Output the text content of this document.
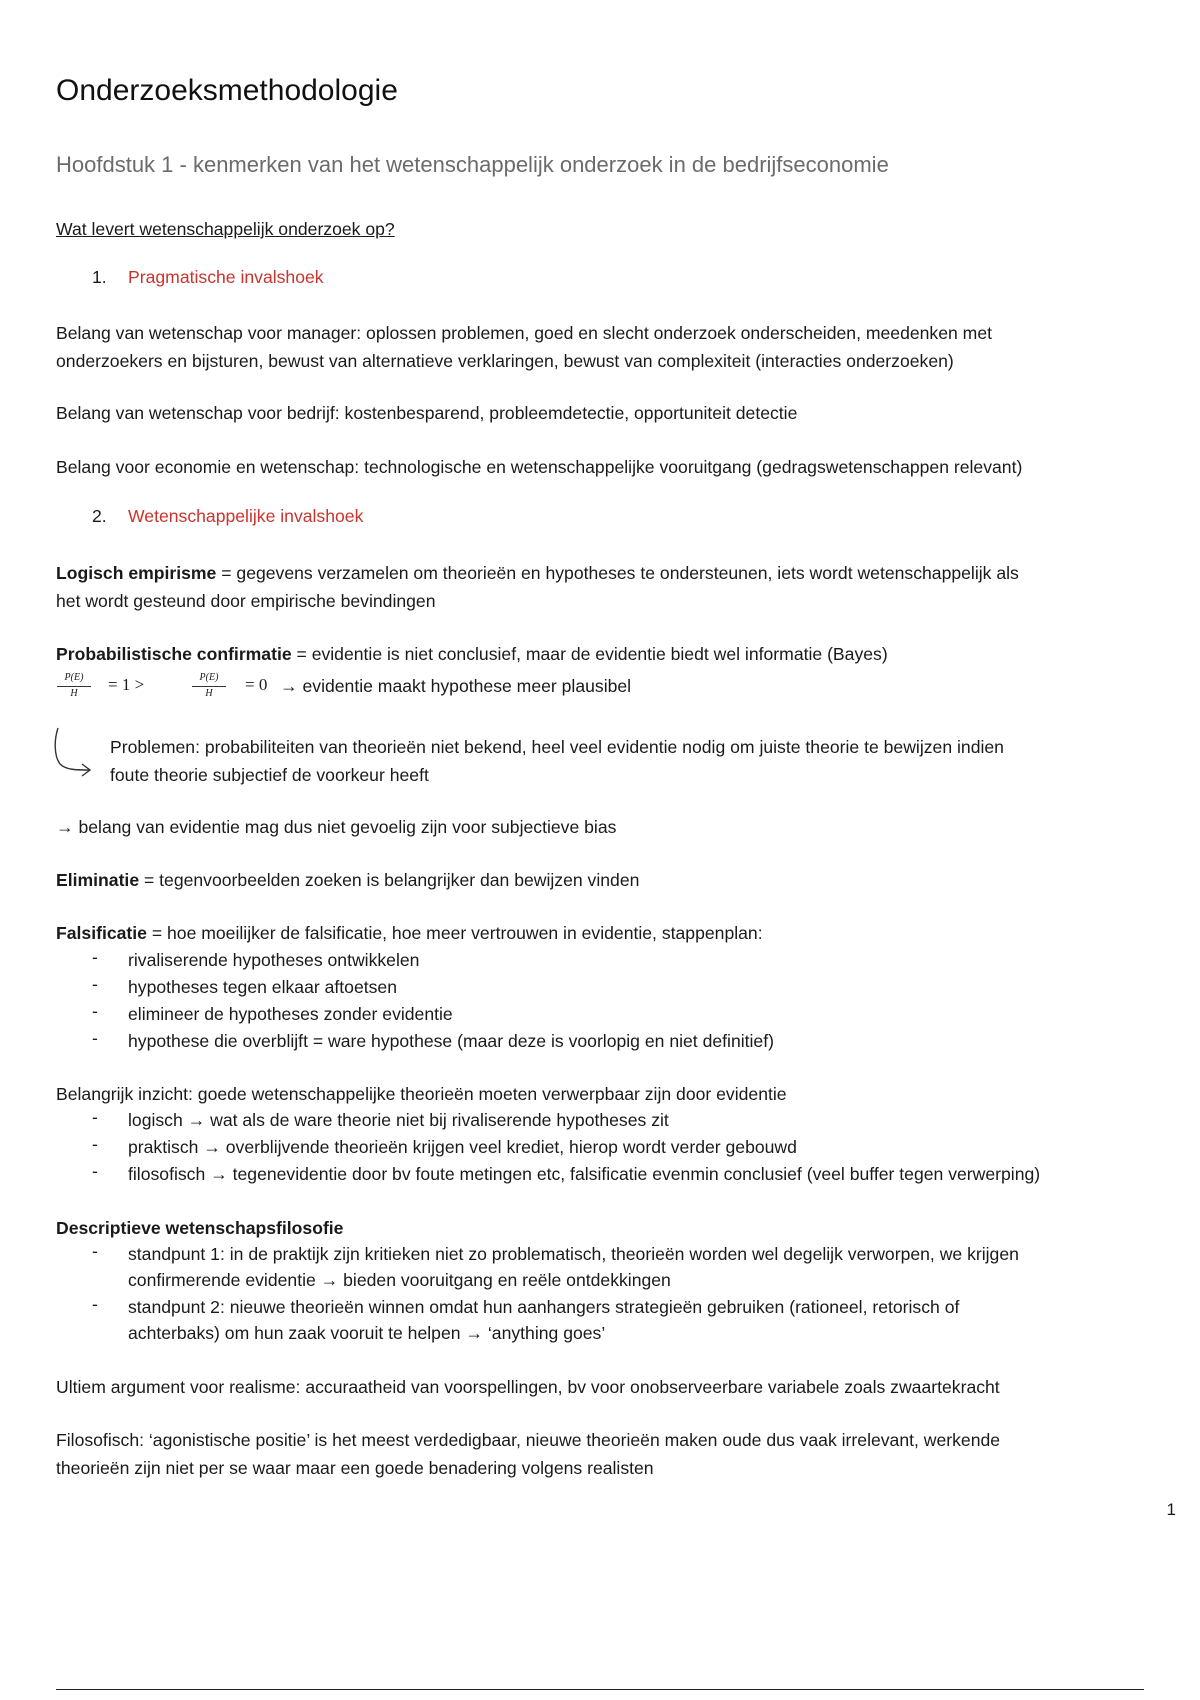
Onderzoeksmethodologie
Hoofdstuk 1 - kenmerken van het wetenschappelijk onderzoek in de bedrijfseconomie
Wat levert wetenschappelijk onderzoek op?
1. Pragmatische invalshoek
Belang van wetenschap voor manager: oplossen problemen, goed en slecht onderzoek onderscheiden, meedenken met
onderzoekers en bijsturen, bewust van alternatieve verklaringen, bewust van complexiteit (interacties onderzoeken)
Belang van wetenschap voor bedrijf: kostenbesparend, probleemdetectie, opportuniteit detectie
Belang voor economie en wetenschap: technologische en wetenschappelijke vooruitgang (gedragswetenschappen relevant)
2. Wetenschappelijke invalshoek
Logisch empirisme = gegevens verzamelen om theorieën en hypotheses te ondersteunen, iets wordt wetenschappelijk als
het wordt gesteund door empirische bevindingen
Probabilistische confirmatie = evidentie is niet conclusief, maar de evidentie biedt wel informatie (Bayes)
P(E)
H	= 1 >	P(E)
H	= 0 → evidentie maakt hypothese meer plausibel
Problemen: probabiliteiten van theorieën niet bekend, heel veel evidentie nodig om juiste theorie te bewijzen indien
foute theorie subjectief de voorkeur heeft
→ belang van evidentie mag dus niet gevoelig zijn voor subjectieve bias
Eliminatie = tegenvoorbeelden zoeken is belangrijker dan bewijzen vinden
Falsificatie = hoe moeilijker de falsificatie, hoe meer vertrouwen in evidentie, stappenplan:
- rivaliserende hypotheses ontwikkelen
- hypotheses tegen elkaar aftoetsen
- elimineer de hypotheses zonder evidentie
- hypothese die overblijft = ware hypothese (maar deze is voorlopig en niet definitief)
Belangrijk inzicht: goede wetenschappelijke theorieën moeten verwerpbaar zijn door evidentie
- logisch → wat als de ware theorie niet bij rivaliserende hypotheses zit
- praktisch → overblijvende theorieën krijgen veel krediet, hierop wordt verder gebouwd
- filosofisch → tegenevidentie door bv foute metingen etc, falsificatie evenmin conclusief (veel buffer tegen verwerping)
Descriptieve wetenschapsfilosofie
- standpunt 1: in de praktijk zijn kritieken niet zo problematisch, theorieën worden wel degelijk verworpen, we krijgen
confirmerende evidentie → bieden vooruitgang en reële ontdekkingen
- standpunt 2: nieuwe theorieën winnen omdat hun aanhangers strategieën gebruiken (rationeel, retorisch of
achterbaks) om hun zaak vooruit te helpen → ‘anything goes’
Ultiem argument voor realisme: accuraatheid van voorspellingen, bv voor onobserveerbare variabele zoals zwaartekracht
Filosofisch: ‘agonistische positie’ is het meest verdedigbaar, nieuwe theorieën maken oude dus vaak irrelevant, werkende
theorieën zijn niet per se waar maar een goede benadering volgens realisten
1
